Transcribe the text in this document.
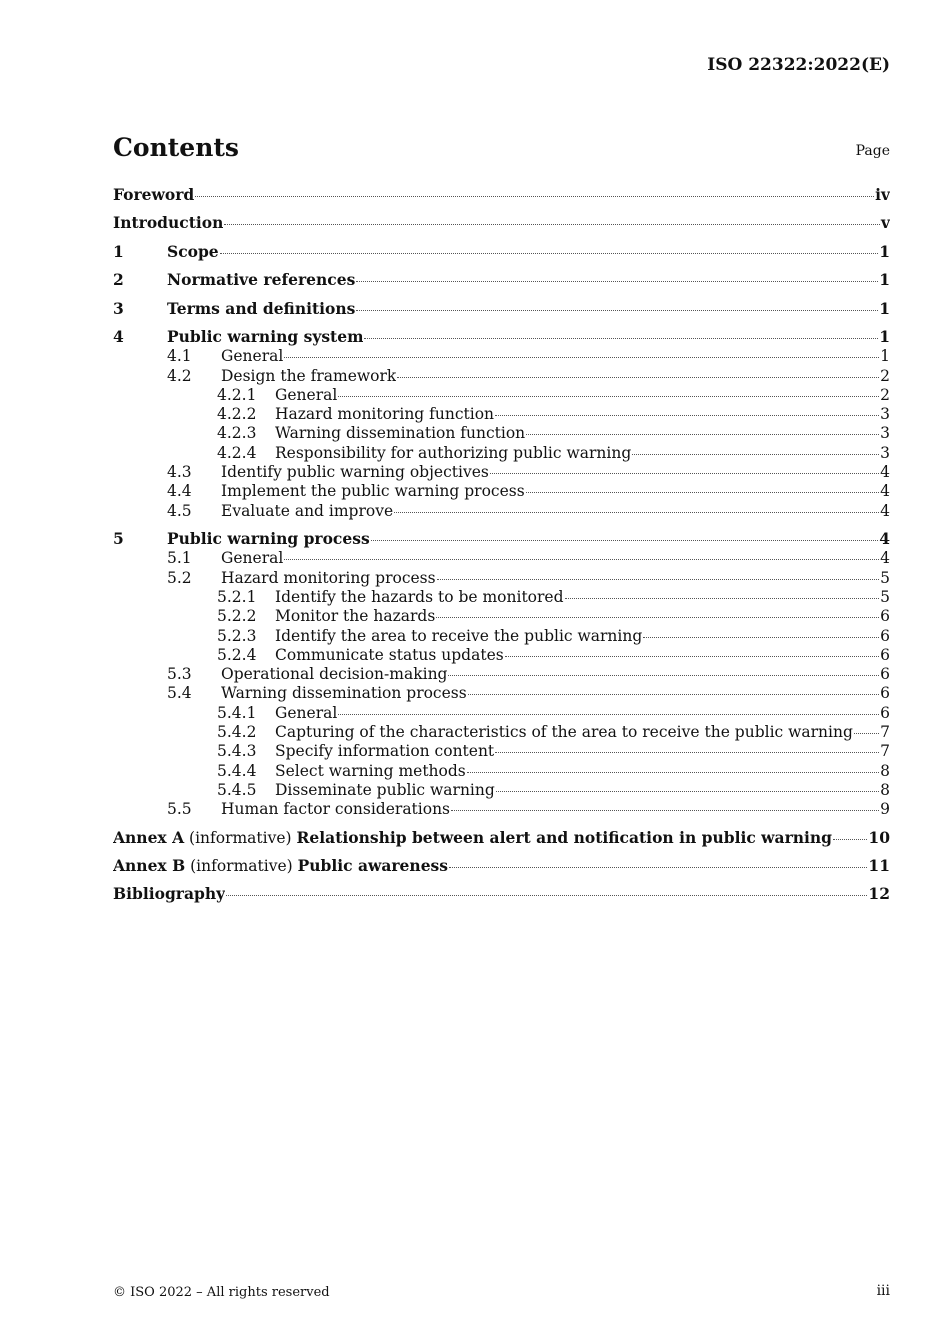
ISO 22322:2022(E)
Contents	Page
Foreword	iv
Introduction	v
1	Scope	1
2	Normative references	1
3	Terms and definitions	1
4	Public warning system	1
4.1	General	1
4.2	Design the framework	2
4.2.1	General	2
4.2.2	Hazard monitoring function	3
4.2.3	Warning dissemination function	3
4.2.4	Responsibility for authorizing public warning	3
4.3	Identify public warning objectives	4
4.4	Implement the public warning process	4
4.5	Evaluate and improve	4
5	Public warning process	4
5.1	General	4
5.2	Hazard monitoring process	5
5.2.1	Identify the hazards to be monitored	5
5.2.2	Monitor the hazards	6
5.2.3	Identify the area to receive the public warning	6
5.2.4	Communicate status updates	6
5.3	Operational decision-making	6
5.4	Warning dissemination process	6
5.4.1	General	6
5.4.2	Capturing of the characteristics of the area to receive the public warning 7
5.4.3	Specify information content	7
5.4.4	Select warning methods	8
5.4.5	Disseminate public warning	8
5.5	Human factor considerations	9
Annex A (informative) Relationship between alert and notification in public warning 10
Annex B (informative) Public awareness	11
Bibliography	12
© ISO 2022 – All rights reserved	iii
